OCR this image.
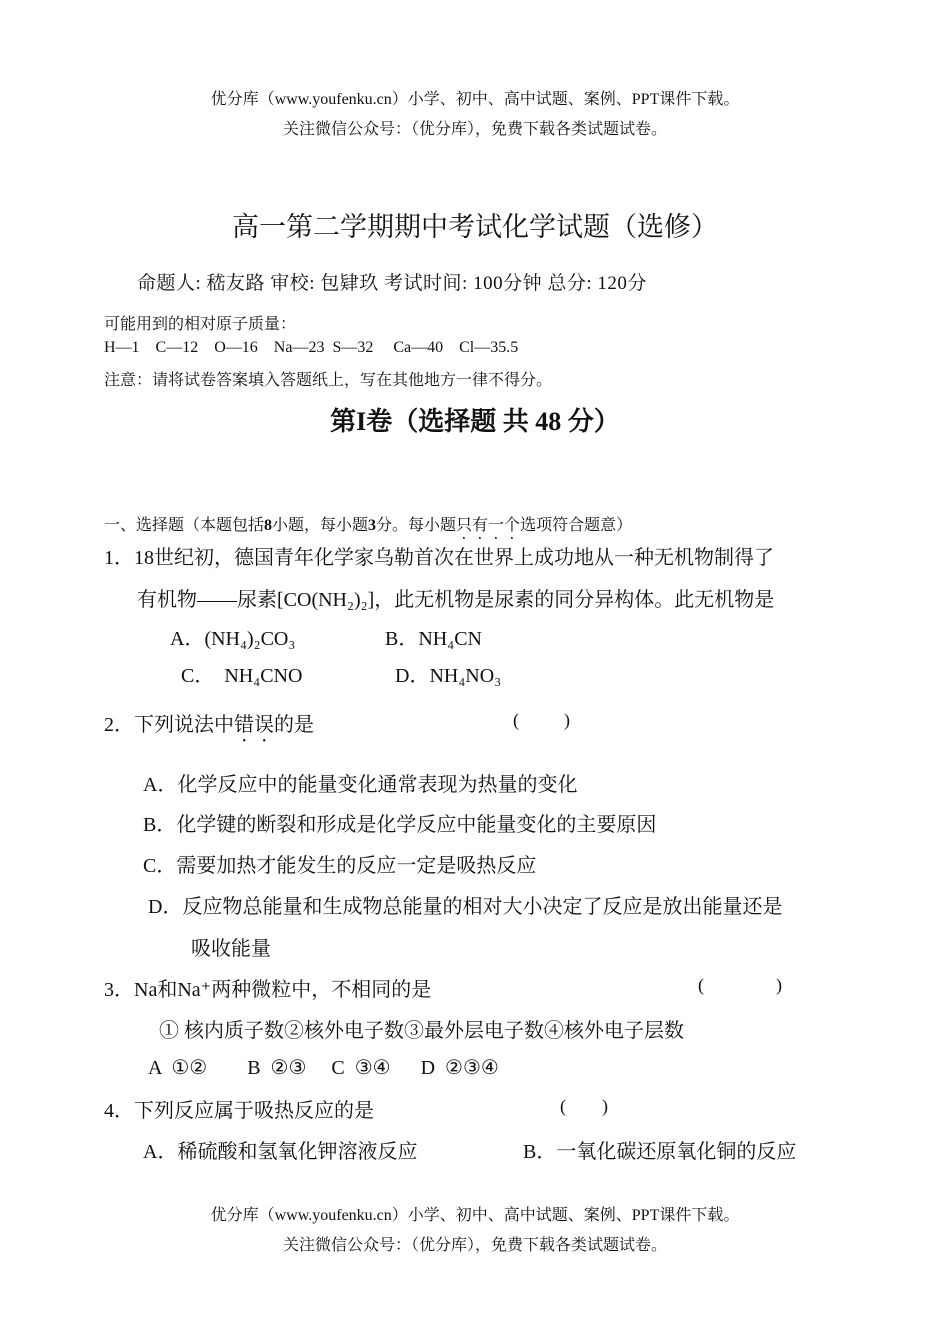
优分库（www.youfenku.cn）小学、初中、高中试题、案例、PPT课件下载。
关注微信公众号：（优分库），免费下载各类试题试卷。
高一第二学期期中考试化学试题（选修）
命题人: 嵇友路 审校: 包肄玖 考试时间: 100分钟 总分: 120分
可能用到的相对原子质量：
H—1    C—12    O—16    Na—23  S—32     Ca—40    Cl—35.5
注意：请将试卷答案填入答题纸上，写在其他地方一律不得分。
第I卷（选择题 共 48 分）
一、选择题（本题包括8小题，每小题3分。每小题只有一个选项符合题意）
1．18世纪初，德国青年化学家乌勒首次在世界上成功地从一种无机物制得了
有机物——尿素[CO(NH₂)₂]，此无机物是尿素的同分异构体。此无机物是
A．(NH₄)₂CO₃	B．NH₄CN
C．  NH₄CNO	D．NH₄NO₃
2．下列说法中错误的是	(          )
A．化学反应中的能量变化通常表现为热量的变化
B．化学键的断裂和形成是化学反应中能量变化的主要原因
C．需要加热才能发生的反应一定是吸热反应
D．反应物总能量和生成物总能量的相对大小决定了反应是放出能量还是
吸收能量
3．Na和Na⁺两种微粒中，不相同的是	(                )
① 核内质子数②核外电子数③最外层电子数④核外电子层数
A  ①②        B  ②③     C  ③④      D  ②③④
4．下列反应属于吸热反应的是	(        )
A．稀硫酸和氢氧化钾溶液反应	B．一氧化碳还原氧化铜的反应
优分库（www.youfenku.cn）小学、初中、高中试题、案例、PPT课件下载。
关注微信公众号：（优分库），免费下载各类试题试卷。
